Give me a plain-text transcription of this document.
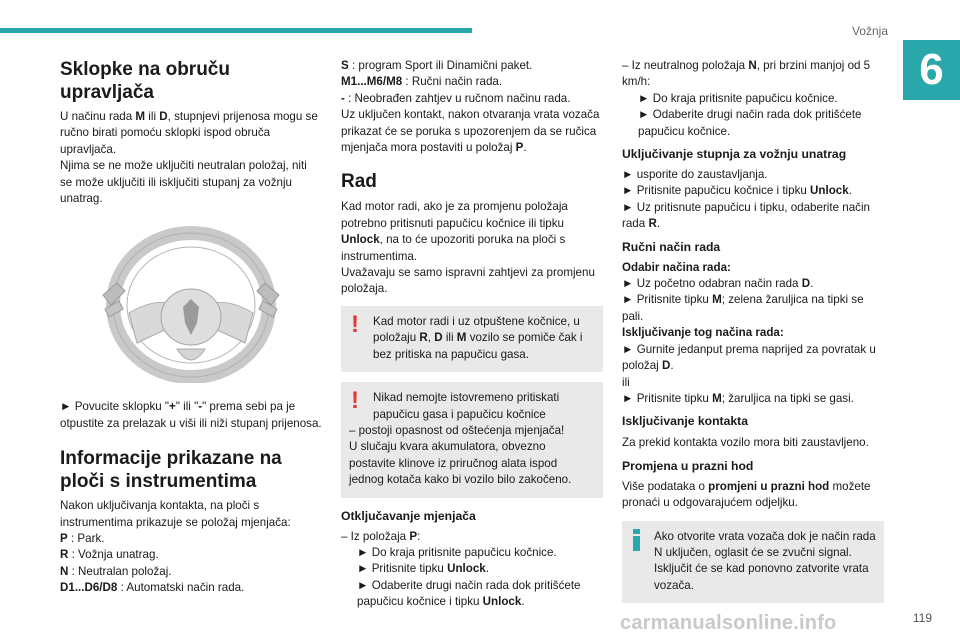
Vožnja
6
119
carmanualsonline.info
Sklopke na obruču upravljača

U načinu rada M ili D, stupnjevi prijenosa mogu se ručno birati pomoću sklopki ispod obruča upravljača.

Njima se ne može uključiti neutralan položaj, niti se može uključiti ili isključiti stupanj za vožnju unatrag.

► Povucite sklopku "+" ili "-" prema sebi pa je otpustite za prelazak u viši ili niži stupanj prijenosa.

Informacije prikazane na ploči s instrumentima

Nakon uključivanja kontakta, na ploči s instrumentima prikazuje se položaj mjenjača:

P : Park.

R : Vožnja unatrag.

N : Neutralan položaj.

D1...D6/D8 : Automatski način rada.

S : program Sport ili Dinamični paket.

M1...M6/M8 : Ručni način rada.

- : Neobrađen zahtjev u ručnom načinu rada.

Uz uključen kontakt, nakon otvaranja vrata vozača prikazat će se poruka s upozorenjem da se ručica mjenjača mora postaviti u položaj P.

Rad

Kad motor radi, ako je za promjenu položaja potrebno pritisnuti papučicu kočnice ili tipku Unlock, na to će upozoriti poruka na ploči s instrumentima.

Uvažavaju se samo ispravni zahtjevi za promjenu položaja.

! Kad motor radi i uz otpuštene kočnice, u položaju R, D ili M vozilo se pomiče čak i bez pritiska na papučicu gasa.

! Nikad nemojte istovremeno pritiskati papučicu gasa i papučicu kočnice

– postoji opasnost od oštećenja mjenjača!

U slučaju kvara akumulatora, obvezno postavite klinove iz priručnog alata ispod jednog kotača kako bi vozilo bilo zakočeno.

Otključavanje mjenjača

– Iz položaja P:

► Do kraja pritisnite papučicu kočnice.

► Pritisnite tipku Unlock.

► Odaberite drugi način rada dok pritišćete papučicu kočnice i tipku Unlock.

– Iz neutralnog položaja N, pri brzini manjoj od 5 km/h:

► Do kraja pritisnite papučicu kočnice.

► Odaberite drugi način rada dok pritišćete papučicu kočnice.

Uključivanje stupnja za vožnju unatrag

► usporite do zaustavljanja.

► Pritisnite papučicu kočnice i tipku Unlock.

► Uz pritisnute papučicu i tipku, odaberite način rada R.

Ručni način rada

Odabir načina rada:

► Uz početno odabran način rada D.

► Pritisnite tipku M; zelena žaruljica na tipki se pali.

Isključivanje tog načina rada:

► Gurnite jedanput prema naprijed za povratak u položaj D.

ili

► Pritisnite tipku M; žaruljica na tipki se gasi.

Isključivanje kontakta

Za prekid kontakta vozilo mora biti zaustavljeno.

Promjena u prazni hod

Više podataka o promjeni u prazni hod možete pronaći u odgovarajućem odjeljku.

Ako otvorite vrata vozača dok je način rada N uključen, oglasit će se zvučni signal. Isključit će se kad ponovno zatvorite vrata vozača.
